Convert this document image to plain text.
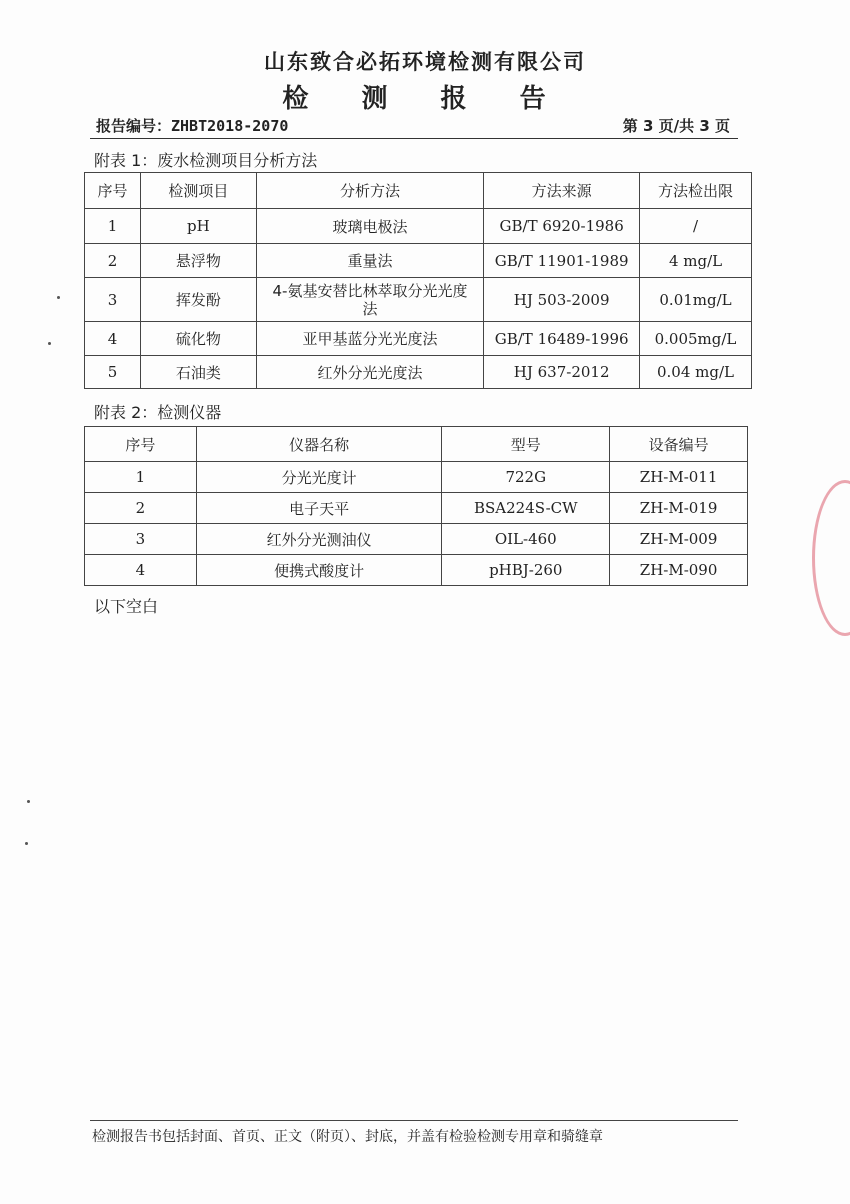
山东致合必拓环境检测有限公司
检 测 报 告
报告编号：ZHBT2018-2070	第 3 页/共 3 页
附表 1：废水检测项目分析方法
序号	检测项目	分析方法	方法来源	方法检出限
1	pH	玻璃电极法	GB/T 6920-1986	/
2	悬浮物	重量法	GB/T 11901-1989	4 mg/L
3	挥发酚	4-氨基安替比林萃取分光光度法	HJ 503-2009	0.01mg/L
4	硫化物	亚甲基蓝分光光度法	GB/T 16489-1996	0.005mg/L
5	石油类	红外分光光度法	HJ 637-2012	0.04 mg/L
附表 2：检测仪器
序号	仪器名称	型号	设备编号
1	分光光度计	722G	ZH-M-011
2	电子天平	BSA224S-CW	ZH-M-019
3	红外分光测油仪	OIL-460	ZH-M-009
4	便携式酸度计	pHBJ-260	ZH-M-090
以下空白
检测报告书包括封面、首页、正文（附页）、封底，并盖有检验检测专用章和骑缝章
